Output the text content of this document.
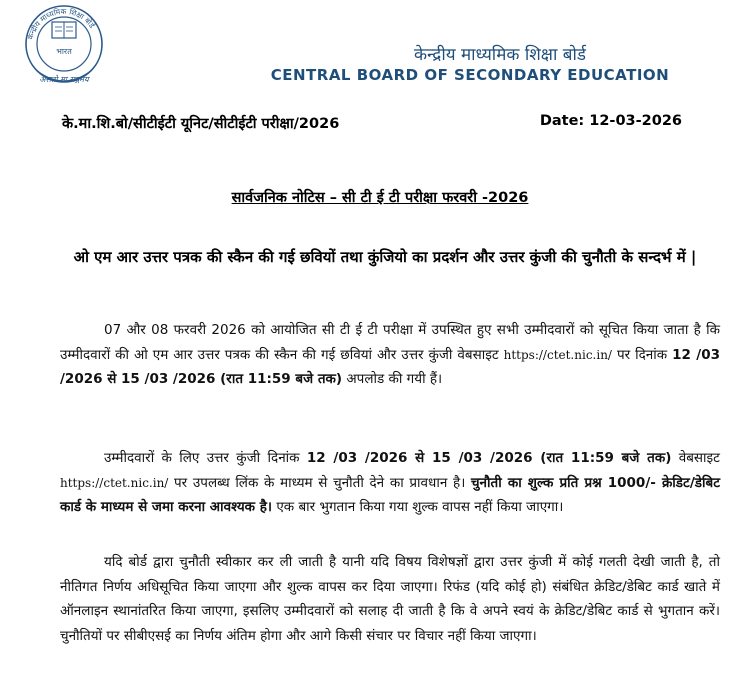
केन्द्रीय माध्यमिक शिक्षा बोर्ड
भारत
असतो मा सद्गमय
केन्द्रीय माध्यमिक शिक्षा बोर्ड
CENTRAL BOARD OF SECONDARY EDUCATION
के.मा.शि.बो/सीटीईटी यूनिट/सीटीईटी परीक्षा/2026	Date: 12-03-2026
सार्वजनिक नोटिस – सी टी ई टी परीक्षा फरवरी -2026
ओ एम आर उत्तर पत्रक की स्कैन की गई छवियों तथा कुंजियो का प्रदर्शन और उत्तर कुंजी की चुनौती के सन्दर्भ में |
07 और 08 फरवरी 2026 को आयोजित सी टी ई टी परीक्षा में उपस्थित हुए सभी उम्मीदवारों को सूचित किया जाता है कि उम्मीदवारों की ओ एम आर उत्तर पत्रक की स्कैन की गई छवियां और उत्तर कुंजी वेबसाइट https://ctet.nic.in/ पर दिनांक 12 /03 /2026 से 15 /03 /2026 (रात 11:59 बजे तक) अपलोड की गयी हैं।
उम्मीदवारों के लिए उत्तर कुंजी दिनांक 12 /03 /2026 से 15 /03 /2026 (रात 11:59 बजे तक) वेबसाइट https://ctet.nic.in/ पर उपलब्ध लिंक के माध्यम से चुनौती देने का प्रावधान है। चुनौती का शुल्क प्रति प्रश्न 1000/- क्रेडिट/डेबिट कार्ड के माध्यम से जमा करना आवश्यक है। एक बार भुगतान किया गया शुल्क वापस नहीं किया जाएगा।
यदि बोर्ड द्वारा चुनौती स्वीकार कर ली जाती है यानी यदि विषय विशेषज्ञों द्वारा उत्तर कुंजी में कोई गलती देखी जाती है, तो नीतिगत निर्णय अधिसूचित किया जाएगा और शुल्क वापस कर दिया जाएगा। रिफंड (यदि कोई हो) संबंधित क्रेडिट/डेबिट कार्ड खाते में ऑनलाइन स्थानांतरित किया जाएगा, इसलिए उम्मीदवारों को सलाह दी जाती है कि वे अपने स्वयं के क्रेडिट/डेबिट कार्ड से भुगतान करें। चुनौतियों पर सीबीएसई का निर्णय अंतिम होगा और आगे किसी संचार पर विचार नहीं किया जाएगा।
